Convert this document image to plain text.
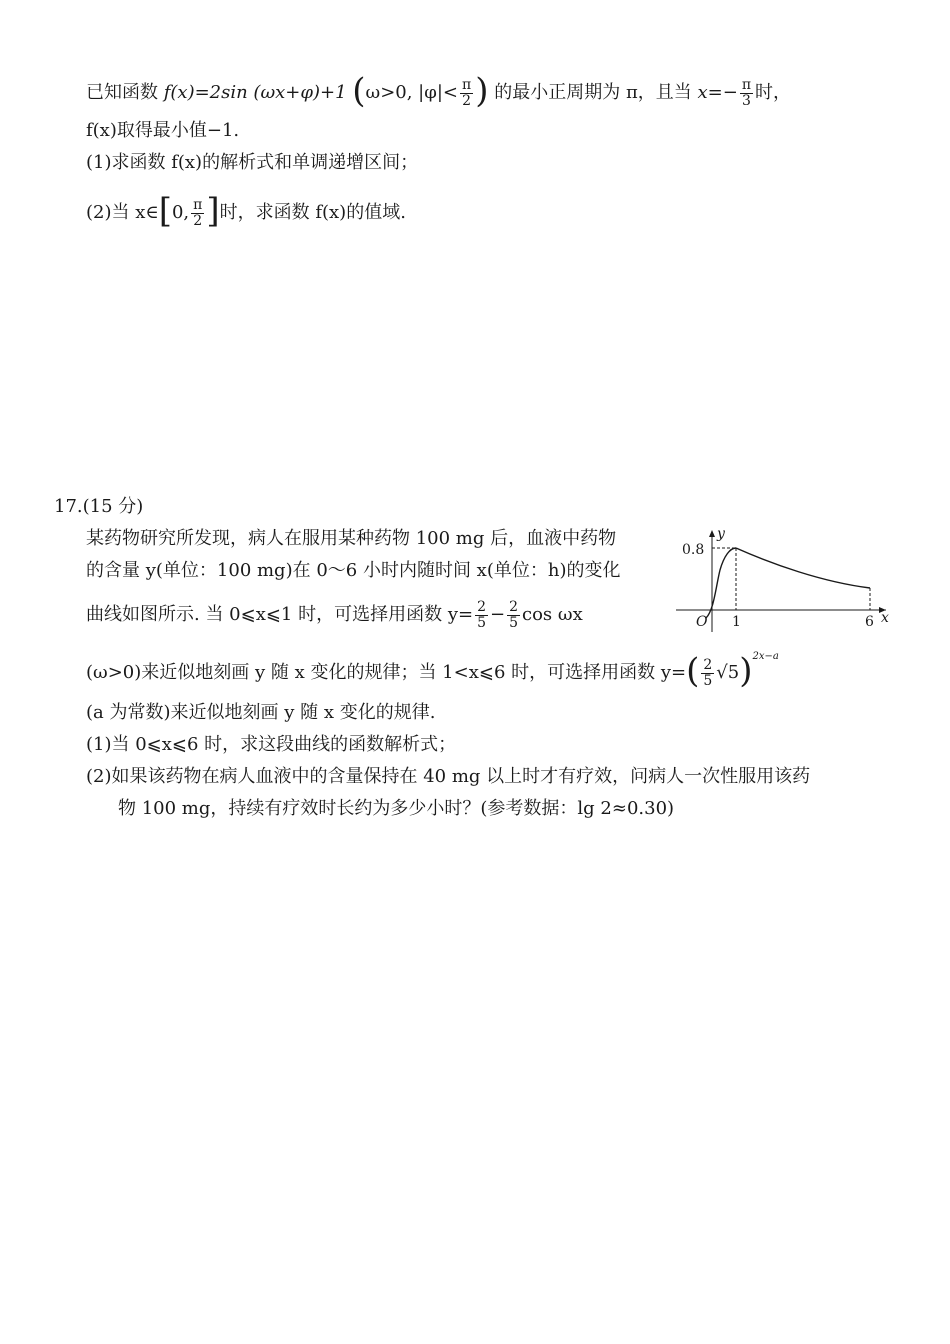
已知函数 f(x)=2sin (ωx+φ)+1 (ω>0, $|\varphi|< \frac{\pi}{2}$ ) 的最小正周期为 π，且当 $x=- \frac{\pi}{3}$ 时，
f(x)取得最小值−1.
(1)求函数 f(x)的解析式和单调递增区间；
(2)当 x∈[0, $\frac{\pi}{2}$ ]时，求函数 f(x)的值域.
17.(15 分)
某药物研究所发现，病人在服用某种药物 100 mg 后，血液中药物
的含量 y(单位：100 mg)在 0～6 小时内随时间 x(单位：h)的变化
曲线如图所示. 当 0⩽x⩽1 时，可选择用函数 $y= \frac{2}{5} - \frac{2}{5}$ cos ωx
(ω>0)来近似地刻画 y 随 x 变化的规律；当 1<x⩽6 时，可选择用函数 $y=( \frac{2}{5} √5)^{2x-a}$
(a 为常数)来近似地刻画 y 随 x 变化的规律.
(1)当 0⩽x⩽6 时，求这段曲线的函数解析式；
(2)如果该药物在病人血液中的含量保持在 40 mg 以上时才有疗效，问病人一次性服用该药
物 100 mg，持续有疗效时长约为多少小时？(参考数据：lg 2≈0.30)
0.8
y
O 1	6 x
